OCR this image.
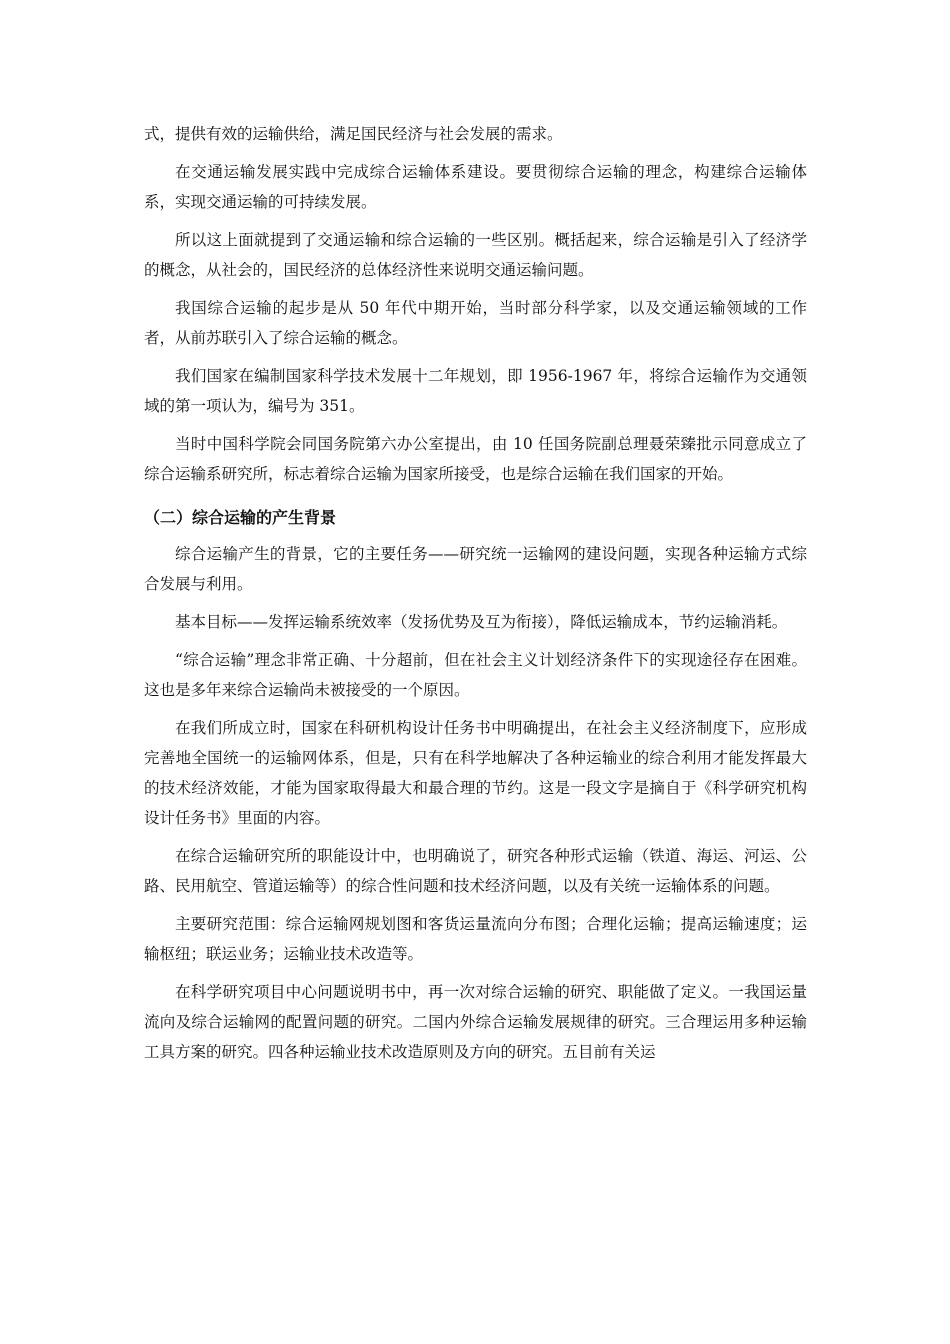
式，提供有效的运输供给，满足国民经济与社会发展的需求。

在交通运输发展实践中完成综合运输体系建设。要贯彻综合运输的理念，构建综合运输体系，实现交通运输的可持续发展。

所以这上面就提到了交通运输和综合运输的一些区别。概括起来，综合运输是引入了经济学的概念，从社会的，国民经济的总体经济性来说明交通运输问题。

我国综合运输的起步是从 50 年代中期开始，当时部分科学家，以及交通运输领域的工作者，从前苏联引入了综合运输的概念。

我们国家在编制国家科学技术发展十二年规划，即 1956-1967 年，将综合运输作为交通领域的第一项认为，编号为 351。

当时中国科学院会同国务院第六办公室提出，由 10 任国务院副总理聂荣臻批示同意成立了综合运输系研究所，标志着综合运输为国家所接受，也是综合运输在我们国家的开始。

（二）综合运输的产生背景

综合运输产生的背景，它的主要任务——研究统一运输网的建设问题，实现各种运输方式综合发展与利用。

基本目标——发挥运输系统效率（发扬优势及互为衔接），降低运输成本，节约运输消耗。

“综合运输”理念非常正确、十分超前，但在社会主义计划经济条件下的实现途径存在困难。这也是多年来综合运输尚未被接受的一个原因。

在我们所成立时，国家在科研机构设计任务书中明确提出，在社会主义经济制度下，应形成完善地全国统一的运输网体系，但是，只有在科学地解决了各种运输业的综合利用才能发挥最大的技术经济效能，才能为国家取得最大和最合理的节约。这是一段文字是摘自于《科学研究机构设计任务书》里面的内容。

在综合运输研究所的职能设计中，也明确说了，研究各种形式运输（铁道、海运、河运、公路、民用航空、管道运输等）的综合性问题和技术经济问题，以及有关统一运输体系的问题。

主要研究范围：综合运输网规划图和客货运量流向分布图；合理化运输；提高运输速度；运输枢纽；联运业务；运输业技术改造等。

在科学研究项目中心问题说明书中，再一次对综合运输的研究、职能做了定义。一我国运量流向及综合运输网的配置问题的研究。二国内外综合运输发展规律的研究。三合理运用多种运输工具方案的研究。四各种运输业技术改造原则及方向的研究。五目前有关运
